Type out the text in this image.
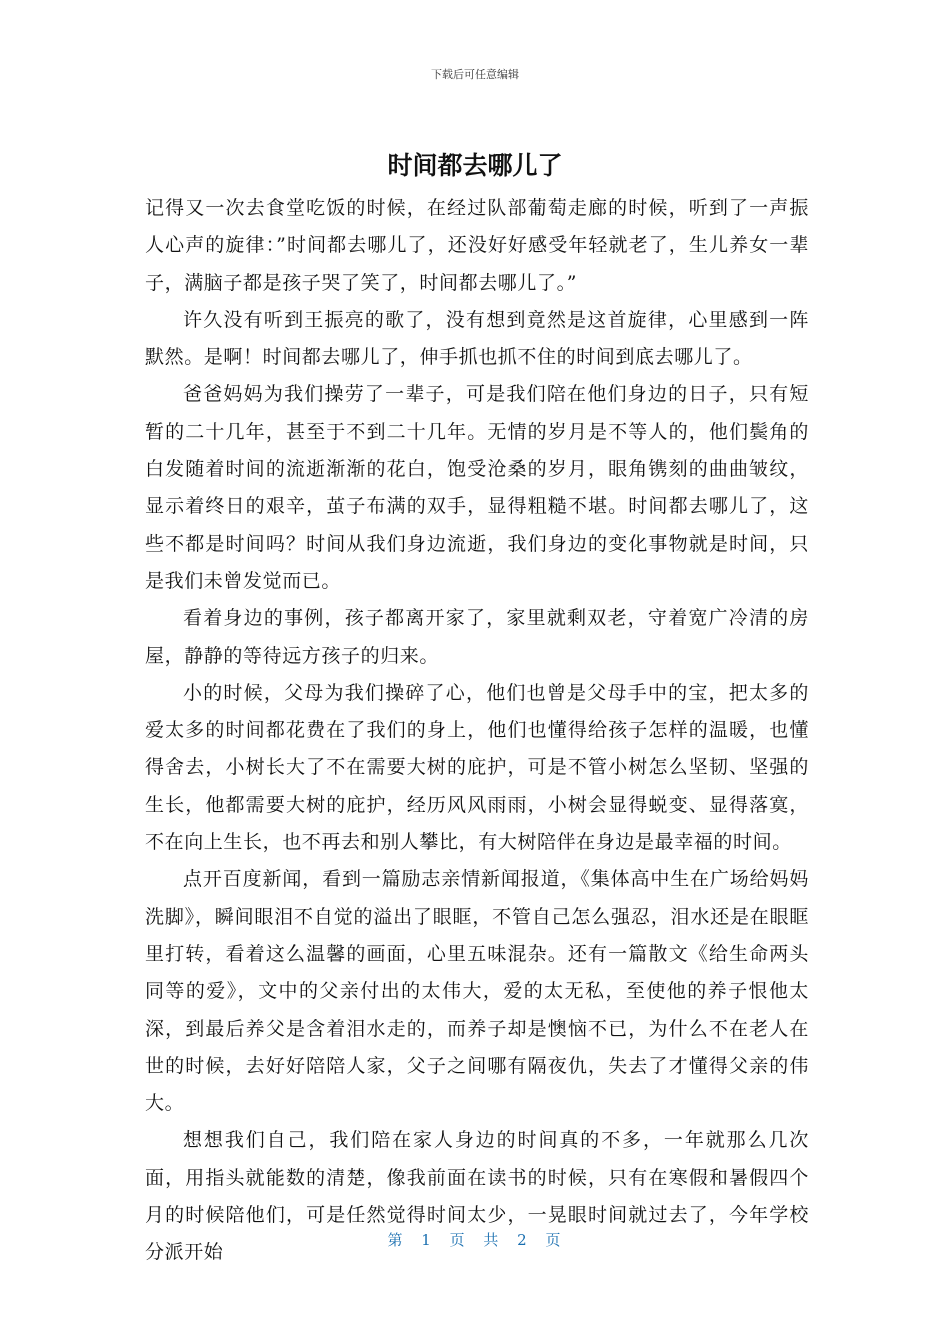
下载后可任意编辑
时间都去哪儿了

记得又一次去食堂吃饭的时候，在经过队部葡萄走廊的时候，听到了一声振人心声的旋律：”时间都去哪儿了，还没好好感受年轻就老了，生儿养女一辈子，满脑子都是孩子哭了笑了，时间都去哪儿了。”

许久没有听到王振亮的歌了，没有想到竟然是这首旋律，心里感到一阵默然。是啊！时间都去哪儿了，伸手抓也抓不住的时间到底去哪儿了。

爸爸妈妈为我们操劳了一辈子，可是我们陪在他们身边的日子，只有短暂的二十几年，甚至于不到二十几年。无情的岁月是不等人的，他们鬓角的白发随着时间的流逝渐渐的花白，饱受沧桑的岁月，眼角镌刻的曲曲皱纹，显示着终日的艰辛，茧子布满的双手，显得粗糙不堪。时间都去哪儿了，这些不都是时间吗？时间从我们身边流逝，我们身边的变化事物就是时间，只是我们未曾发觉而已。

看着身边的事例，孩子都离开家了，家里就剩双老，守着宽广冷清的房屋，静静的等待远方孩子的归来。

小的时候，父母为我们操碎了心，他们也曾是父母手中的宝，把太多的爱太多的时间都花费在了我们的身上，他们也懂得给孩子怎样的温暖，也懂得舍去，小树长大了不在需要大树的庇护，可是不管小树怎么坚韧、坚强的生长，他都需要大树的庇护，经历风风雨雨，小树会显得蜕变、显得落寞，不在向上生长，也不再去和别人攀比，有大树陪伴在身边是最幸福的时间。

点开百度新闻，看到一篇励志亲情新闻报道，《集体高中生在广场给妈妈洗脚》，瞬间眼泪不自觉的溢出了眼眶，不管自己怎么强忍，泪水还是在眼眶里打转，看着这么温馨的画面，心里五味混杂。还有一篇散文《给生命两头同等的爱》，文中的父亲付出的太伟大，爱的太无私，至使他的养子恨他太深，到最后养父是含着泪水走的，而养子却是懊恼不已，为什么不在老人在世的时候，去好好陪陪人家，父子之间哪有隔夜仇，失去了才懂得父亲的伟大。

想想我们自己，我们陪在家人身边的时间真的不多，一年就那么几次面，用指头就能数的清楚，像我前面在读书的时候，只有在寒假和暑假四个月的时候陪他们，可是任然觉得时间太少，一晃眼时间就过去了，今年学校分派开始

第 1 页 共 2 页
